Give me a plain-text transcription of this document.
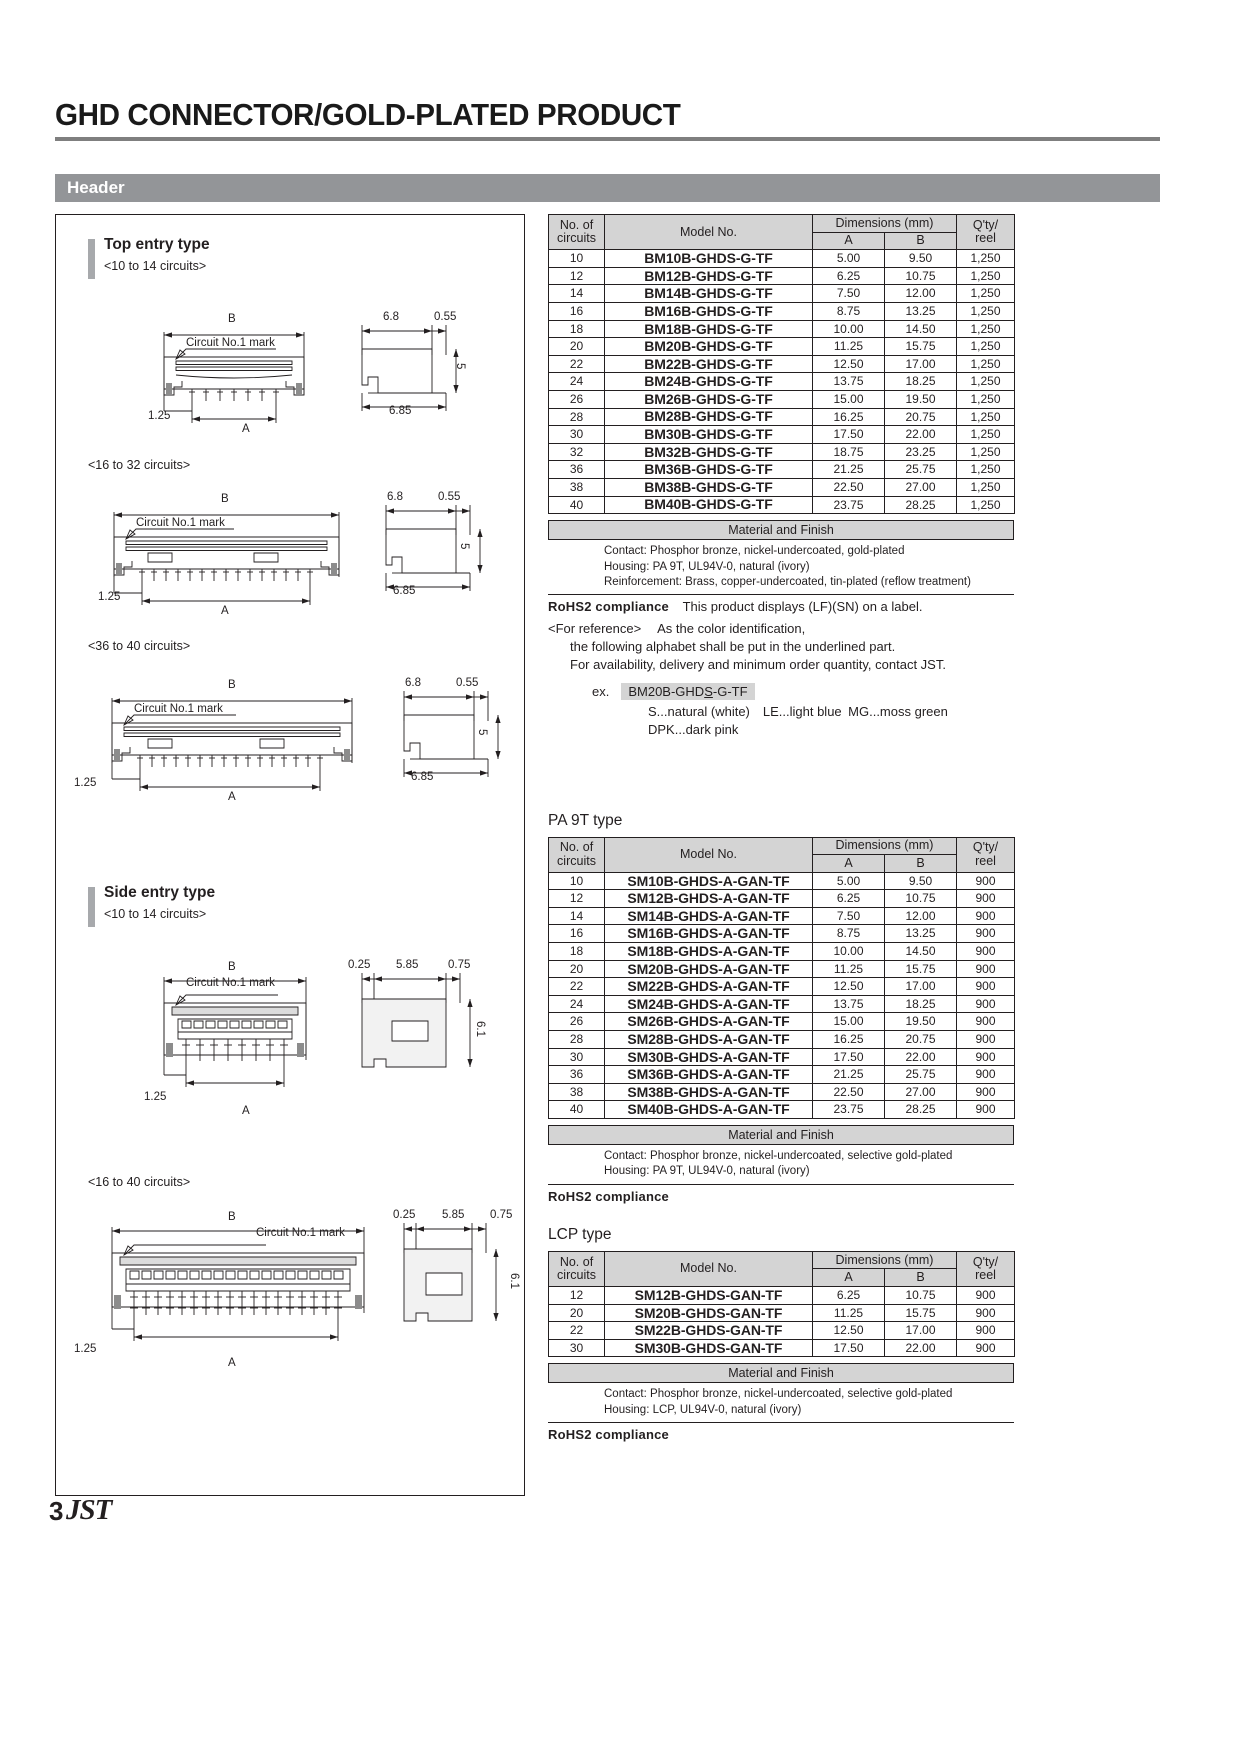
GHD CONNECTOR/GOLD-PLATED PRODUCT
Header
Top entry type
<10 to 14 circuits>
B
Circuit No.1 mark
1.25
A
6.8	0.55
5
6.85
<16 to 32 circuits>
B
Circuit No.1 mark
1.25
A
6.8	0.55
5
6.85
<36 to 40 circuits>
B
Circuit No.1 mark
1.25
A
6.8	0.55
5
6.85
Side entry type
<10 to 14 circuits>
B
Circuit No.1 mark
1.25
A
0.25 5.85	0.75
6.1
<16 to 40 circuits>
B
Circuit No.1 mark
1.25
A
0.25 5.85 0.75
6.1
No. of
circuits	Model No.	Dimensions (mm)	Q'ty/
reel

		A	B	
10	BM10B-GHDS-G-TF	5.00	9.50	1,250
12	BM12B-GHDS-G-TF	6.25	10.75	1,250
14	BM14B-GHDS-G-TF	7.50	12.00	1,250
16	BM16B-GHDS-G-TF	8.75	13.25	1,250
18	BM18B-GHDS-G-TF	10.00	14.50	1,250
20	BM20B-GHDS-G-TF	11.25	15.75	1,250
22	BM22B-GHDS-G-TF	12.50	17.00	1,250
24	BM24B-GHDS-G-TF	13.75	18.25	1,250
26	BM26B-GHDS-G-TF	15.00	19.50	1,250
28	BM28B-GHDS-G-TF	16.25	20.75	1,250
30	BM30B-GHDS-G-TF	17.50	22.00	1,250
32	BM32B-GHDS-G-TF	18.75	23.25	1,250
36	BM36B-GHDS-G-TF	21.25	25.75	1,250
38	BM38B-GHDS-G-TF	22.50	27.00	1,250
40	BM40B-GHDS-G-TF	23.75	28.25	1,250
Material and Finish
Contact: Phosphor bronze, nickel-undercoated, gold-plated
Housing: PA 9T, UL94V-0, natural (ivory)
Reinforcement: Brass, copper-undercoated, tin-plated (reflow treatment)
RoHS2 compliance This product displays (LF)(SN) on a label.
<For reference>  As the color identification,
the following alphabet shall be put in the underlined part.
For availability, delivery and minimum order quantity, contact JST.
ex.	BM20B-GHDS-G-TF
S...natural (white) LE...light blue MG...moss green
DPK...dark pink
PA 9T type
No. of
circuits	Model No.	Dimensions (mm)	Q'ty/
reel

		A	B	
10	SM10B-GHDS-A-GAN-TF	5.00	9.50	900
12	SM12B-GHDS-A-GAN-TF	6.25	10.75	900
14	SM14B-GHDS-A-GAN-TF	7.50	12.00	900
16	SM16B-GHDS-A-GAN-TF	8.75	13.25	900
18	SM18B-GHDS-A-GAN-TF	10.00	14.50	900
20	SM20B-GHDS-A-GAN-TF	11.25	15.75	900
22	SM22B-GHDS-A-GAN-TF	12.50	17.00	900
24	SM24B-GHDS-A-GAN-TF	13.75	18.25	900
26	SM26B-GHDS-A-GAN-TF	15.00	19.50	900
28	SM28B-GHDS-A-GAN-TF	16.25	20.75	900
30	SM30B-GHDS-A-GAN-TF	17.50	22.00	900
36	SM36B-GHDS-A-GAN-TF	21.25	25.75	900
38	SM38B-GHDS-A-GAN-TF	22.50	27.00	900
40	SM40B-GHDS-A-GAN-TF	23.75	28.25	900
Material and Finish
Contact: Phosphor bronze, nickel-undercoated, selective gold-plated
Housing: PA 9T, UL94V-0, natural (ivory)
RoHS2 compliance
LCP type
No. of
circuits	Model No.	Dimensions (mm)	Q'ty/
reel

		A	B	
12	SM12B-GHDS-GAN-TF	6.25	10.75	900
20	SM20B-GHDS-GAN-TF	11.25	15.75	900
22	SM22B-GHDS-GAN-TF	12.50	17.00	900
30	SM30B-GHDS-GAN-TF	17.50	22.00	900
Material and Finish
Contact: Phosphor bronze, nickel-undercoated, selective gold-plated
Housing: LCP, UL94V-0, natural (ivory)
RoHS2 compliance
3 JST
